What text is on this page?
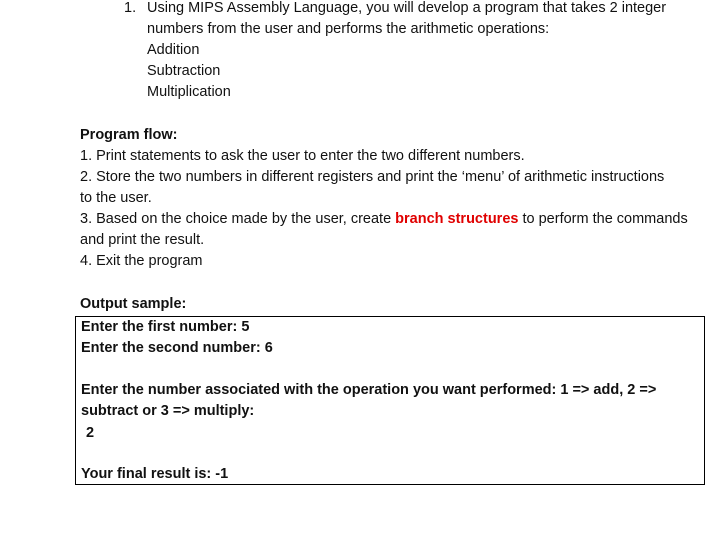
1. Using MIPS Assembly Language, you will develop a program that takes 2 integer
numbers from the user and performs the arithmetic operations:
Addition
Subtraction
Multiplication
Program flow:
1. Print statements to ask the user to enter the two different numbers.
2. Store the two numbers in different registers and print the ‘menu’ of arithmetic instructions
to the user.
3. Based on the choice made by the user, create branch structures to perform the commands
and print the result.
4. Exit the program
Output sample:
Enter the first number: 5
Enter the second number: 6
Enter the number associated with the operation you want performed: 1 => add, 2 =>
subtract or 3 => multiply:
2
Your final result is: -1
